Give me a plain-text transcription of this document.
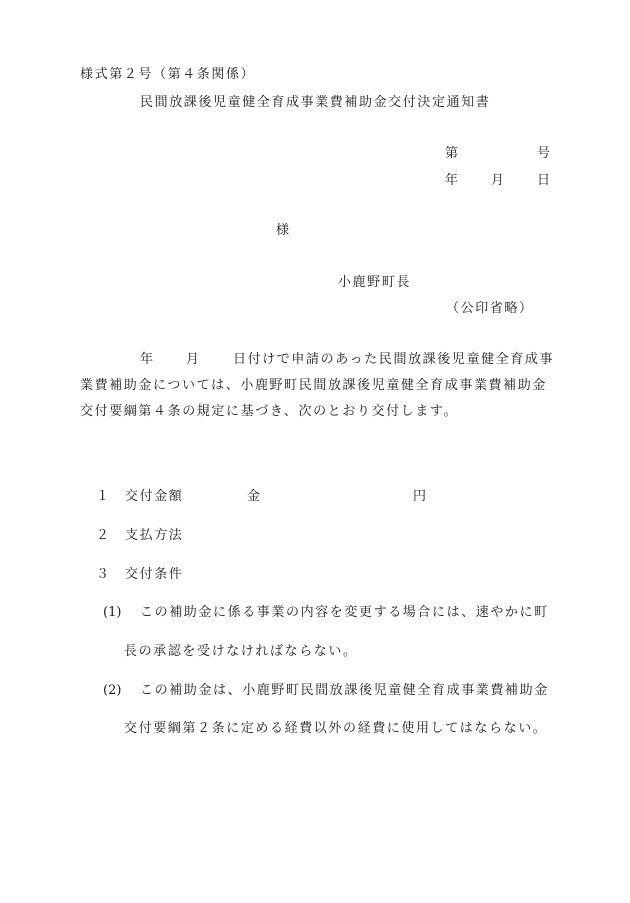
様式第２号（第４条関係）
民間放課後児童健全育成事業費補助金交付決定通知書
第	号
年	月	日
様
小鹿野町長
（公印省略）
年	月	日付けで申請のあった民間放課後児童健全育成事
業費補助金については、小鹿野町民間放課後児童健全育成事業費補助金
交付要綱第４条の規定に基づき、次のとおり交付します。
１ 交付金額	金	円
２ 支払方法
３ 交付条件
(1) この補助金に係る事業の内容を変更する場合には、速やかに町
長の承認を受けなければならない。
(2) この補助金は、小鹿野町民間放課後児童健全育成事業費補助金
交付要綱第２条に定める経費以外の経費に使用してはならない。
